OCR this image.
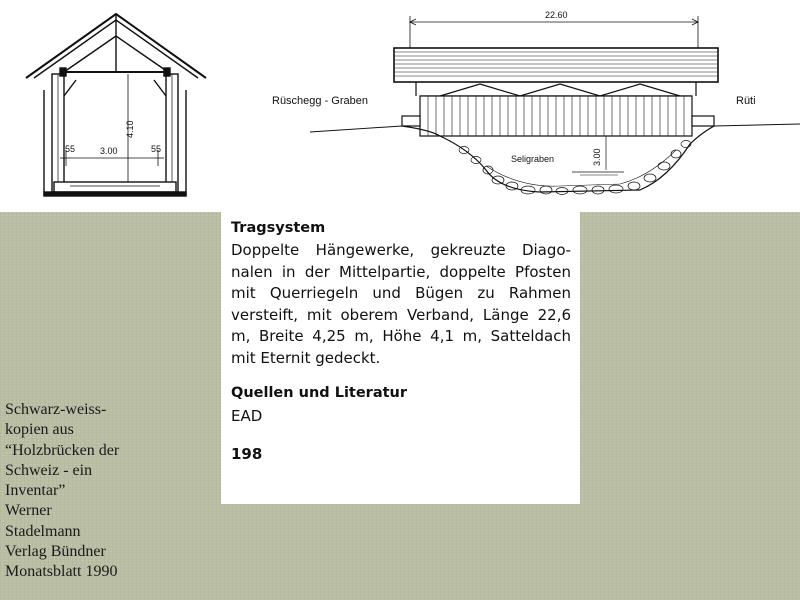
4.10
3.00
55	55
22.60
Rüschegg - Graben	Rüti
Seligraben	3.00
Tragsystem

Doppelte Hängewerke, gekreuzte Diagonalen in der Mittelpartie, doppelte Pfosten mit Querriegeln und Bügen zu Rahmen versteift, mit oberem Verband, Länge 22,6 m, Breite 4,25 m, Höhe 4,1 m, Satteldach mit Eternit gedeckt.

Quellen und Literatur
EAD
198
Schwarz-weiss-
kopien aus
“Holzbrücken der
Schweiz - ein
Inventar”
Werner
Stadelmann
Verlag Bündner
Monatsblatt 1990
